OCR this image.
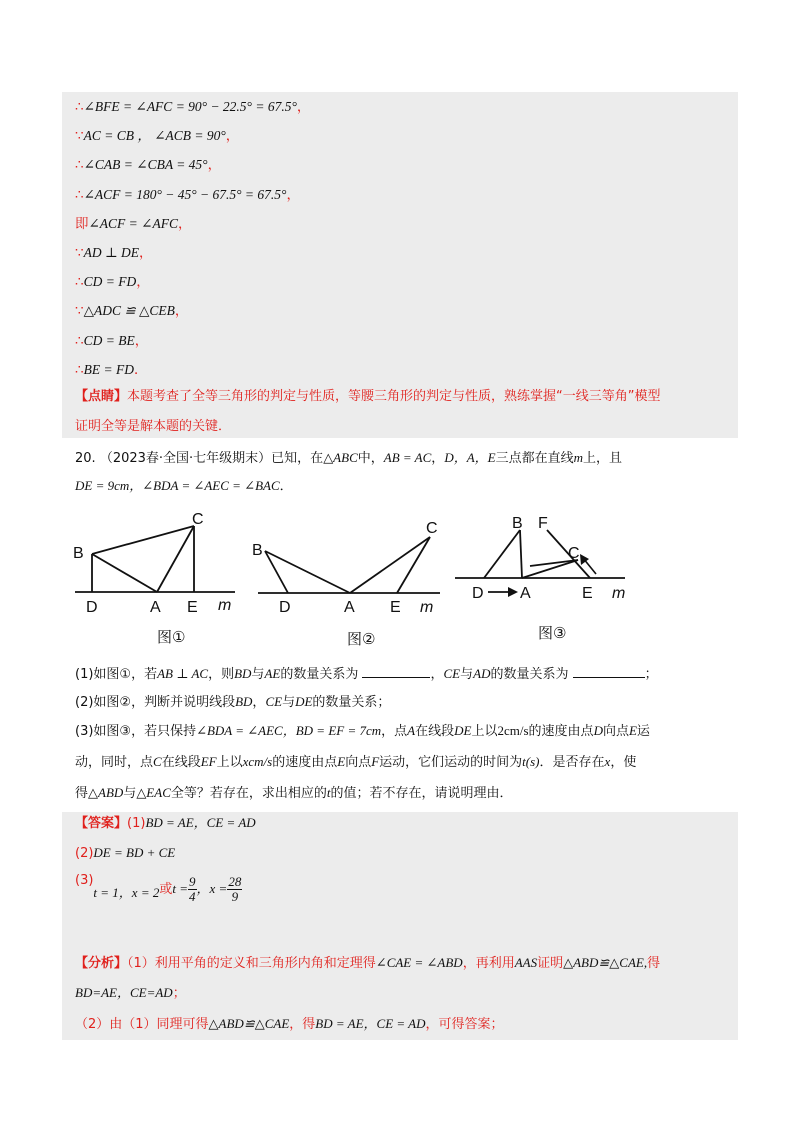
∴∠BFE = ∠AFC = 90° − 22.5° = 67.5°，
∵AC = CB ， ∠ACB = 90°，
∴∠CAB = ∠CBA = 45°，
∴∠ACF = 180° − 45° − 67.5° = 67.5°，
即∠ACF = ∠AFC，
∵AD ⊥ DE，
∴CD = FD，
∵△ADC ≌ △CEB，
∴CD = BE，
∴BE = FD．
【点睛】本题考查了全等三角形的判定与性质，等腰三角形的判定与性质，熟练掌握“一线三等角”模型
证明全等是解本题的关键．
20. （2023春·全国·七年级期末）已知，在△ABC中，AB = AC，D，A，E三点都在直线m上，且
DE = 9cm，∠BDA = ∠AEC = ∠BAC．
B
C
D	A E m
图①
B
C
D	A E m
图②
B F
C
D A	E m
图③
(1)如图①，若AB ⊥ AC，则BD与AE的数量关系为	，CE与AD的数量关系为	；
(2)如图②，判断并说明线段BD，CE与DE的数量关系；
(3)如图③，若只保持∠BDA = ∠AEC，BD = EF = 7cm，点A在线段DE上以2cm/s的速度由点D向点E运
动，同时，点C在线段EF上以xcm/s的速度由点E向点F运动，它们运动的时间为t(s)．是否存在x，使
得△ABD与△EAC全等？若存在，求出相应的t的值；若不存在，请说明理由．
【答案】(1)BD = AE，CE = AD
(2)DE = BD + CE
(3)t = 1，x = 2或$t = \frac{9}{4}$ ，$x = \frac{28}{9}$
【分析】（1）利用平角的定义和三角形内角和定理得∠CAE = ∠ABD，再利用AAS证明△ABD≌△CAE,得
BD=AE，CE=AD；
（2）由（1）同理可得△ABD≌△CAE，得BD = AE，CE = AD，可得答案；
